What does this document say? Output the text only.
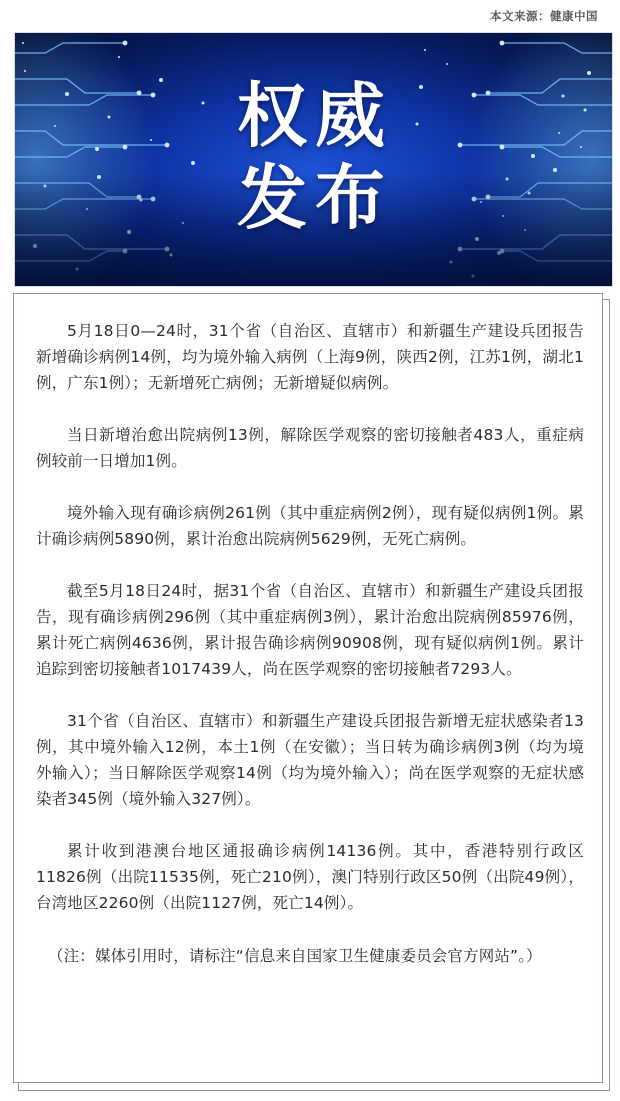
本文来源：健康中国
权威
发布

5月18日0—24时，31个省（自治区、直辖市）和新疆生产建设兵团报告新增确诊病例14例，均为境外输入病例（上海9例，陕西2例，江苏1例，湖北1例，广东1例）；无新增死亡病例；无新增疑似病例。

当日新增治愈出院病例13例，解除医学观察的密切接触者483人，重症病例较前一日增加1例。

境外输入现有确诊病例261例（其中重症病例2例），现有疑似病例1例。累计确诊病例5890例，累计治愈出院病例5629例，无死亡病例。

截至5月18日24时，据31个省（自治区、直辖市）和新疆生产建设兵团报告，现有确诊病例296例（其中重症病例3例），累计治愈出院病例85976例，累计死亡病例4636例，累计报告确诊病例90908例，现有疑似病例1例。累计追踪到密切接触者1017439人，尚在医学观察的密切接触者7293人。

31个省（自治区、直辖市）和新疆生产建设兵团报告新增无症状感染者13例，其中境外输入12例，本土1例（在安徽）；当日转为确诊病例3例（均为境外输入）；当日解除医学观察14例（均为境外输入）；尚在医学观察的无症状感染者345例（境外输入327例）。

累计收到港澳台地区通报确诊病例14136例。其中，香港特别行政区11826例（出院11535例，死亡210例），澳门特别行政区50例（出院49例），台湾地区2260例（出院1127例，死亡14例）。

（注：媒体引用时，请标注“信息来自国家卫生健康委员会官方网站”。）
